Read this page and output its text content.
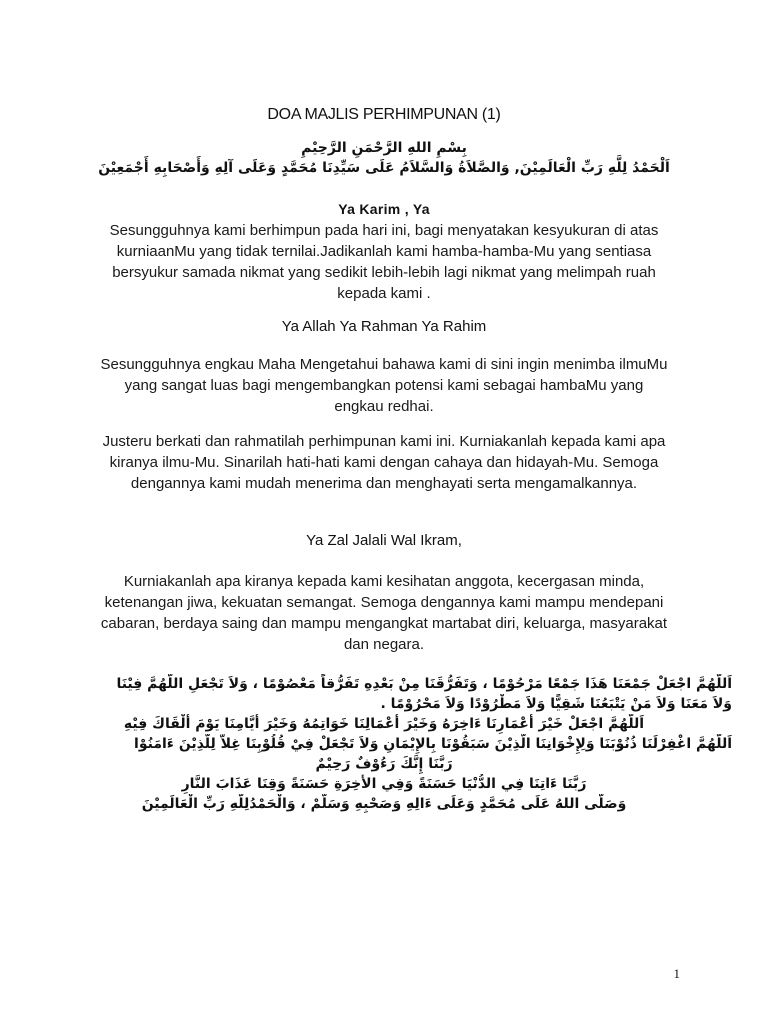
DOA MAJLIS PERHIMPUNAN (1)
بِسْمِ اللهِ الرَّحْمَنِ الرَّحِيْمِ
اَلْحَمْدُ لِلَّهِ رَبِّ الْعَالَمِيْنَ, وَالصَّلاَةُ وَالسَّلاَمُ عَلَى سَيِّدِنَا مُحَمَّدٍ وَعَلَى آلِهِ وَأَصْحَابِهِ أَجْمَعِيْنَ
Ya Karim , Ya
Sesungguhnya kami berhimpun pada hari ini, bagi menyatakan kesyukuran di atas kurniaanMu yang tidak ternilai.Jadikanlah kami hamba-hamba-Mu yang sentiasa bersyukur samada nikmat yang sedikit lebih-lebih lagi nikmat yang melimpah ruah kepada kami .
Ya Allah Ya Rahman Ya Rahim
Sesungguhnya engkau Maha Mengetahui bahawa kami di sini ingin menimba ilmuMu yang sangat luas bagi mengembangkan potensi kami sebagai hambaMu yang engkau redhai.
Justeru berkati dan rahmatilah perhimpunan kami ini. Kurniakanlah kepada kami apa kiranya ilmu-Mu. Sinarilah hati-hati kami dengan cahaya dan hidayah-Mu. Semoga dengannya kami mudah menerima dan menghayati serta mengamalkannya.
Ya Zal Jalali Wal Ikram,
Kurniakanlah apa kiranya kepada kami kesihatan anggota, kecergasan minda, ketenangan jiwa, kekuatan semangat. Semoga dengannya kami mampu mendepani cabaran, berdaya saing dan mampu mengangkat martabat diri, keluarga, masyarakat dan negara.
اَللَّهُمَّ اجْعَلْ جَمْعَنَا هَذَا جَمْعًا مَرْحُوْمًا ، وَتَفَرُّقَنَا مِنْ بَعْدِهِ تَفَرُّقاً مَعْصُوْمًا ، وَلاَ تَجْعَلِ اللَّهُمَّ فِيْنَا
وَلاَ مَعَنَا وَلاَ مَنْ يَتْبَعُنَا شَقِيًّا وَلاَ مَطْرُوْدًا وَلاَ مَحْرُوْمًا .
اَللَّهُمَّ اجْعَلْ خَيْرَ أَعْمَارِنَا ءَاخِرَهُ وَخَيْرَ أَعْمَالِنَا خَوَاتِمُهُ وَخَيْرَ أَيَّامِنَا يَوْمَ أَلْقَاكَ فِيْهِ
اَللَّهُمَّ اغْفِرْلَنَا ذُنُوْبَنَا وَلِإِخْوَانِنَا الَّذِيْنَ سَبَقُوْنَا بِالإِيْمَانِ وَلاَ تَجْعَلْ فِيْ قُلُوْبِنَا غِلاًّ لِلَّذِيْنَ ءَامَنُوْا
رَبَّنَا إِنَّكَ رَءُوْفٌ رَحِيْمٌ
رَبَّنَا ءَاتِنَا فِي الدُّنْيَا حَسَنَةً وَفِي الأَخِرَةِ حَسَنَةً وَقِنَا عَذَابَ النَّارِ
وَصَلَّى اللهُ عَلَى مُحَمَّدٍ وَعَلَى ءَالِهِ وَصَحْبِهِ وَسَلَّمْ ، وَالْحَمْدُلِلَّهِ رَبِّ الْعَالَمِيْنَ
1
